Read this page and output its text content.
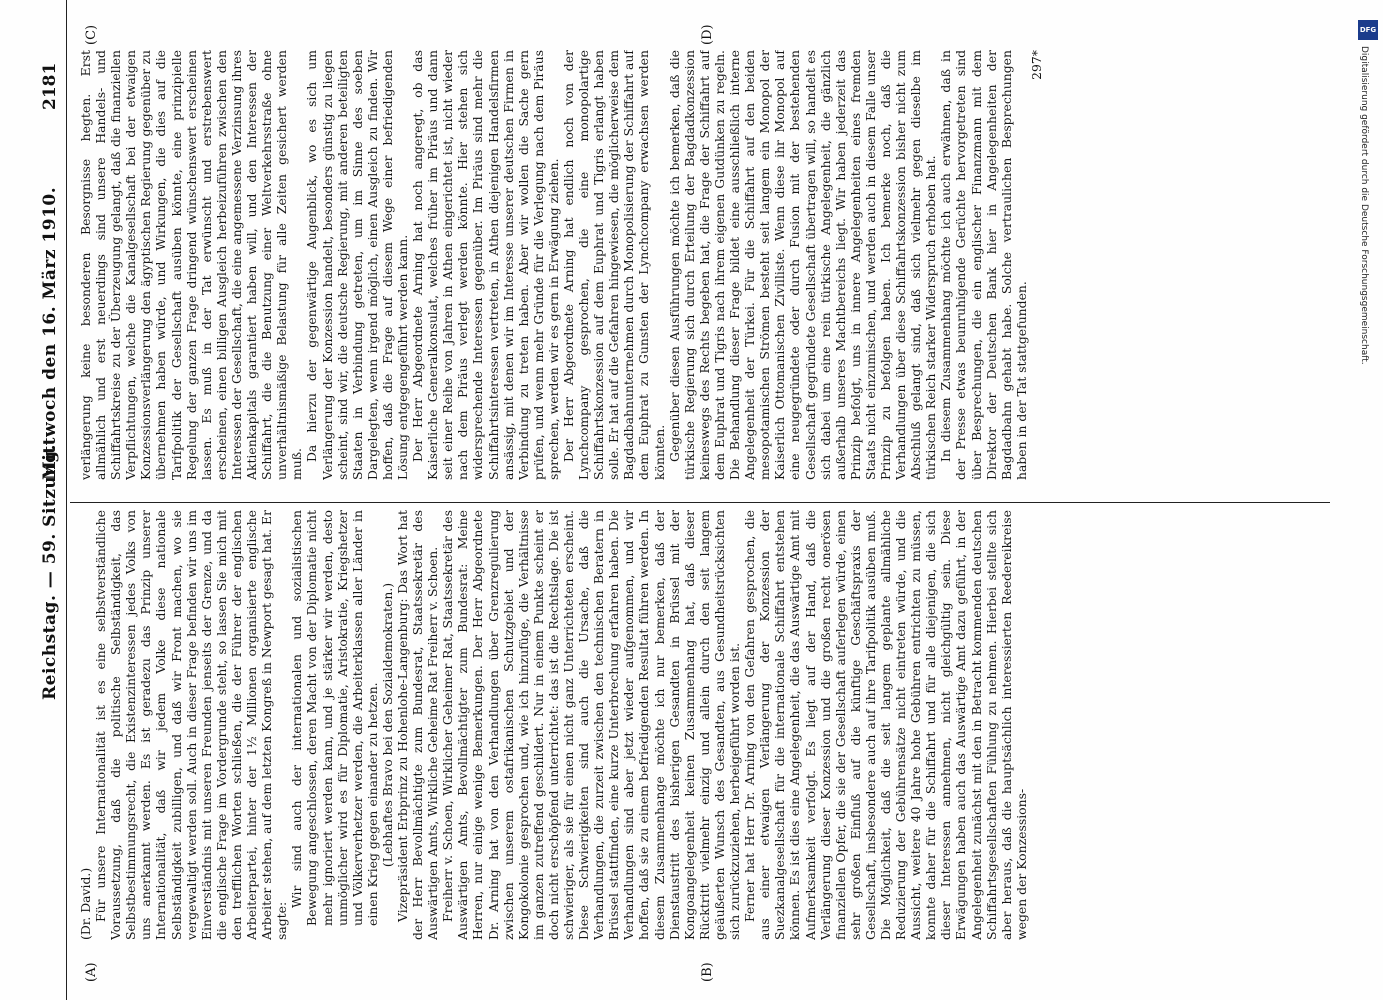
Reichstag. — 59. Sitzung.
Mittwoch den 16. März 1910.
2181
(A)	(B)
(C)	(D)

(Dr. David.) Für unsere Internationalität ist es eine selbstverständliche Voraussetzung, daß die politische Selbständigkeit, das Selbstbestimmungsrecht, die Existenzinteressen jedes Volks von uns anerkannt werden. Es ist geradezu das Prinzip unserer Internationalität, daß wir jedem Volke diese nationale Selbständigkeit zubilligen, und daß wir Front machen, wo sie vergewaltigt werden soll. Auch in dieser Frage befinden wir uns im Einverständnis mit unseren Freunden jenseits der Grenze, und da die englische Frage im Vordergrunde steht, so lassen Sie mich mit den trefflichen Worten schließen, die der Führer der englischen Arbeiterpartei, hinter der 1½ Millionen organisierte englische Arbeiter stehen, auf dem letzten Kongreß in Newport gesagt hat. Er sagte:

Wir sind auch der internationalen und sozialistischen Bewegung angeschlossen, deren Macht von der Diplomatie nicht mehr ignoriert werden kann, und je stärker wir werden, desto unmöglicher wird es für Diplomatie, Aristokratie, Kriegshetzer und Völkerverhetzer werden, die Arbeiterklassen aller Länder in einen Krieg gegen einander zu hetzen. (Lebhaftes Bravo bei den Sozialdemokraten.) Vizepräsident Erbprinz zu Hohenlohe-Langenburg: Das Wort hat der Herr Bevollmächtigte zum Bundesrat, Staatssekretär des Auswärtigen Amts, Wirkliche Geheime Rat Freiherr v. Schoen. Freiherr v. Schoen, Wirklicher Geheimer Rat, Staatssekretär des Auswärtigen Amts, Bevollmächtigter zum Bundesrat: Meine Herren, nur einige wenige Bemerkungen. Der Herr Abgeordnete Dr. Arning hat von den Verhandlungen über Grenzregulierung zwischen unserem ostafrikanischen Schutzgebiet und der Kongokolonie gesprochen und, wie ich hinzufüge, die Verhältnisse im ganzen zutreffend geschildert. Nur in einem Punkte scheint er doch nicht erschöpfend unterrichtet: das ist die Rechtslage. Die ist schwieriger, als sie für einen nicht ganz Unterrichteten erscheint. Diese Schwierigkeiten sind auch die Ursache, daß die Verhandlungen, die zurzeit zwischen den technischen Beratern in Brüssel stattfinden, eine kurze Unterbrechung erfahren haben. Die Verhandlungen sind aber jetzt wieder aufgenommen, und wir hoffen, daß sie zu einem befriedigenden Resultat führen werden. In diesem Zusammenhange möchte ich nur bemerken, daß der Dienstaustritt des bisherigen Gesandten in Brüssel mit der Kongoangelegenheit keinen Zusammenhang hat, daß dieser Rücktritt vielmehr einzig und allein durch den seit langem geäußerten Wunsch des Gesandten, aus Gesundheitsrücksichten sich zurückzuziehen, herbeigeführt worden ist. Ferner hat Herr Dr. Arning von den Gefahren gesprochen, die aus einer etwaigen Verlängerung der Konzession der Suezkanalgesellschaft für die internationale Schiffahrt entstehen können. Es ist dies eine Angelegenheit, die das Auswärtige Amt mit Aufmerksamkeit verfolgt. Es liegt auf der Hand, daß die Verlängerung dieser Konzession und die großen recht onerösen finanziellen Opfer, die sie der Gesellschaft auferlegen würde, einen sehr großen Einfluß auf die künftige Geschäftspraxis der Gesellschaft, insbesondere auch auf ihre Tarifpolitik ausüben muß. Die Möglichkeit, daß die seit langem geplante allmähliche Reduzierung der Gebührensätze nicht eintreten würde, und die Aussicht, weitere 40 Jahre hohe Gebühren entrichten zu müssen, konnte daher für die Schiffahrt und für alle diejenigen, die sich dieser Interessen annehmen, nicht gleichgültig sein. Diese Erwägungen haben auch das Auswärtige Amt dazu geführt, in der Angelegenheit zunächst mit den in Betracht kommenden deutschen Schiffahrtsgesellschaften Fühlung zu nehmen. Hierbei stellte sich aber heraus, daß die hauptsächlich interessierten Reedereikreise wegen der Konzessions-

verlängerung keine besonderen Besorgnisse hegten. Erst allmählich und erst neuerdings sind unsere Handels- und Schiffahrtskreise zu der Überzeugung gelangt, daß die finanziellen Verpflichtungen, welche die Kanalgesellschaft bei der etwaigen Konzessionsverlängerung den ägyptischen Regierung gegenüber zu übernehmen haben würde, und Wirkungen, die dies auf die Tarifpolitik der Gesellschaft ausüben könnte, eine prinzipielle Regelung der ganzen Frage dringend wünschenswert erscheinen lassen. Es muß in der Tat erwünscht und erstrebenswert erscheinen, einen billigen Ausgleich herbeizuführen zwischen den Interessen der Gesellschaft, die eine angemessene Verzinsung ihres Aktienkapitals garantiert haben will, und den Interessen der Schiffahrt, die die Benutzung einer Weltverkehrsstraße ohne unverhältnismäßige Belastung für alle Zeiten gesichert werden muß.

Da hierzu der gegenwärtige Augenblick, wo es sich um Verlängerung der Konzession handelt, besonders günstig zu liegen scheint, sind wir, die deutsche Regierung, mit anderen beteiligten Staaten in Verbindung getreten, um im Sinne des soeben Dargelegten, wenn irgend möglich, einen Ausgleich zu finden. Wir hoffen, daß die Frage auf diesem Wege einer befriedigenden Lösung entgegengeführt werden kann. Der Herr Abgeordnete Arning hat noch angeregt, ob das Kaiserliche Generalkonsulat, welches früher im Piräus und dann seit einer Reihe von Jahren in Athen eingerichtet ist, nicht wieder nach dem Piräus verlegt werden könnte. Hier stehen sich widersprechende Interessen gegenüber. Im Piräus sind mehr die Schiffahrtsinteressen vertreten, in Athen diejenigen Handelsfirmen ansässig, mit denen wir im Interesse unserer deutschen Firmen in Verbindung zu treten haben. Aber wir wollen die Sache gern prüfen, und wenn mehr Gründe für die Verlegung nach dem Piräus sprechen, werden wir es gern in Erwägung ziehen. Der Herr Abgeordnete Arning hat endlich noch von der Lynchcompany gesprochen, die eine monopolartige Schiffahrtskonzession auf dem Euphrat und Tigris erlangt haben solle. Er hat auf die Gefahren hingewiesen, die möglicherweise dem Bagdadbahnunternehmen durch Monopolisierung der Schiffahrt auf dem Euphrat zu Gunsten der Lynchcompany erwachsen werden könnten. Gegenüber diesen Ausführungen möchte ich bemerken, daß die türkische Regierung sich durch Erteilung der Bagdadkonzession keineswegs des Rechts begeben hat, die Frage der Schiffahrt auf dem Euphrat und Tigris nach ihrem eigenen Gutdünken zu regeln. Die Behandlung dieser Frage bildet eine ausschließlich interne Angelegenheit der Türkei. Für die Schiffahrt auf den beiden mesopotamischen Strömen besteht seit langem ein Monopol der Kaiserlich Ottomanischen Zivilliste. Wenn diese ihr Monopol auf eine neugegründete oder durch Fusion mit der bestehenden Gesellschaft gegründete Gesellschaft übertragen will, so handelt es sich dabei um eine rein türkische Angelegenheit, die gänzlich außerhalb unseres Machtbereichs liegt. Wir haben jederzeit das Prinzip befolgt, uns in innere Angelegenheiten eines fremden Staats nicht einzumischen, und werden auch in diesem Falle unser Prinzip zu befolgen haben. Ich bemerke noch, daß die Verhandlungen über diese Schiffahrtskonzession bisher nicht zum Abschluß gelangt sind, daß sich vielmehr gegen dieselbe im türkischen Reich starker Widerspruch erhoben hat. In diesem Zusammenhang möchte ich auch erwähnen, daß in der Presse etwas beunruhigende Gerüchte hervorgetreten sind über Besprechungen, die ein englischer Finanzmann mit dem Direktor der Deutschen Bank hier in Angelegenheiten der Bagdadbahn gehabt habe. Solche vertraulichen Besprechungen haben in der Tat stattgefunden.

297*

DFG
Digitalisierung gefördert durch die Deutsche Forschungsgemeinschaft.
